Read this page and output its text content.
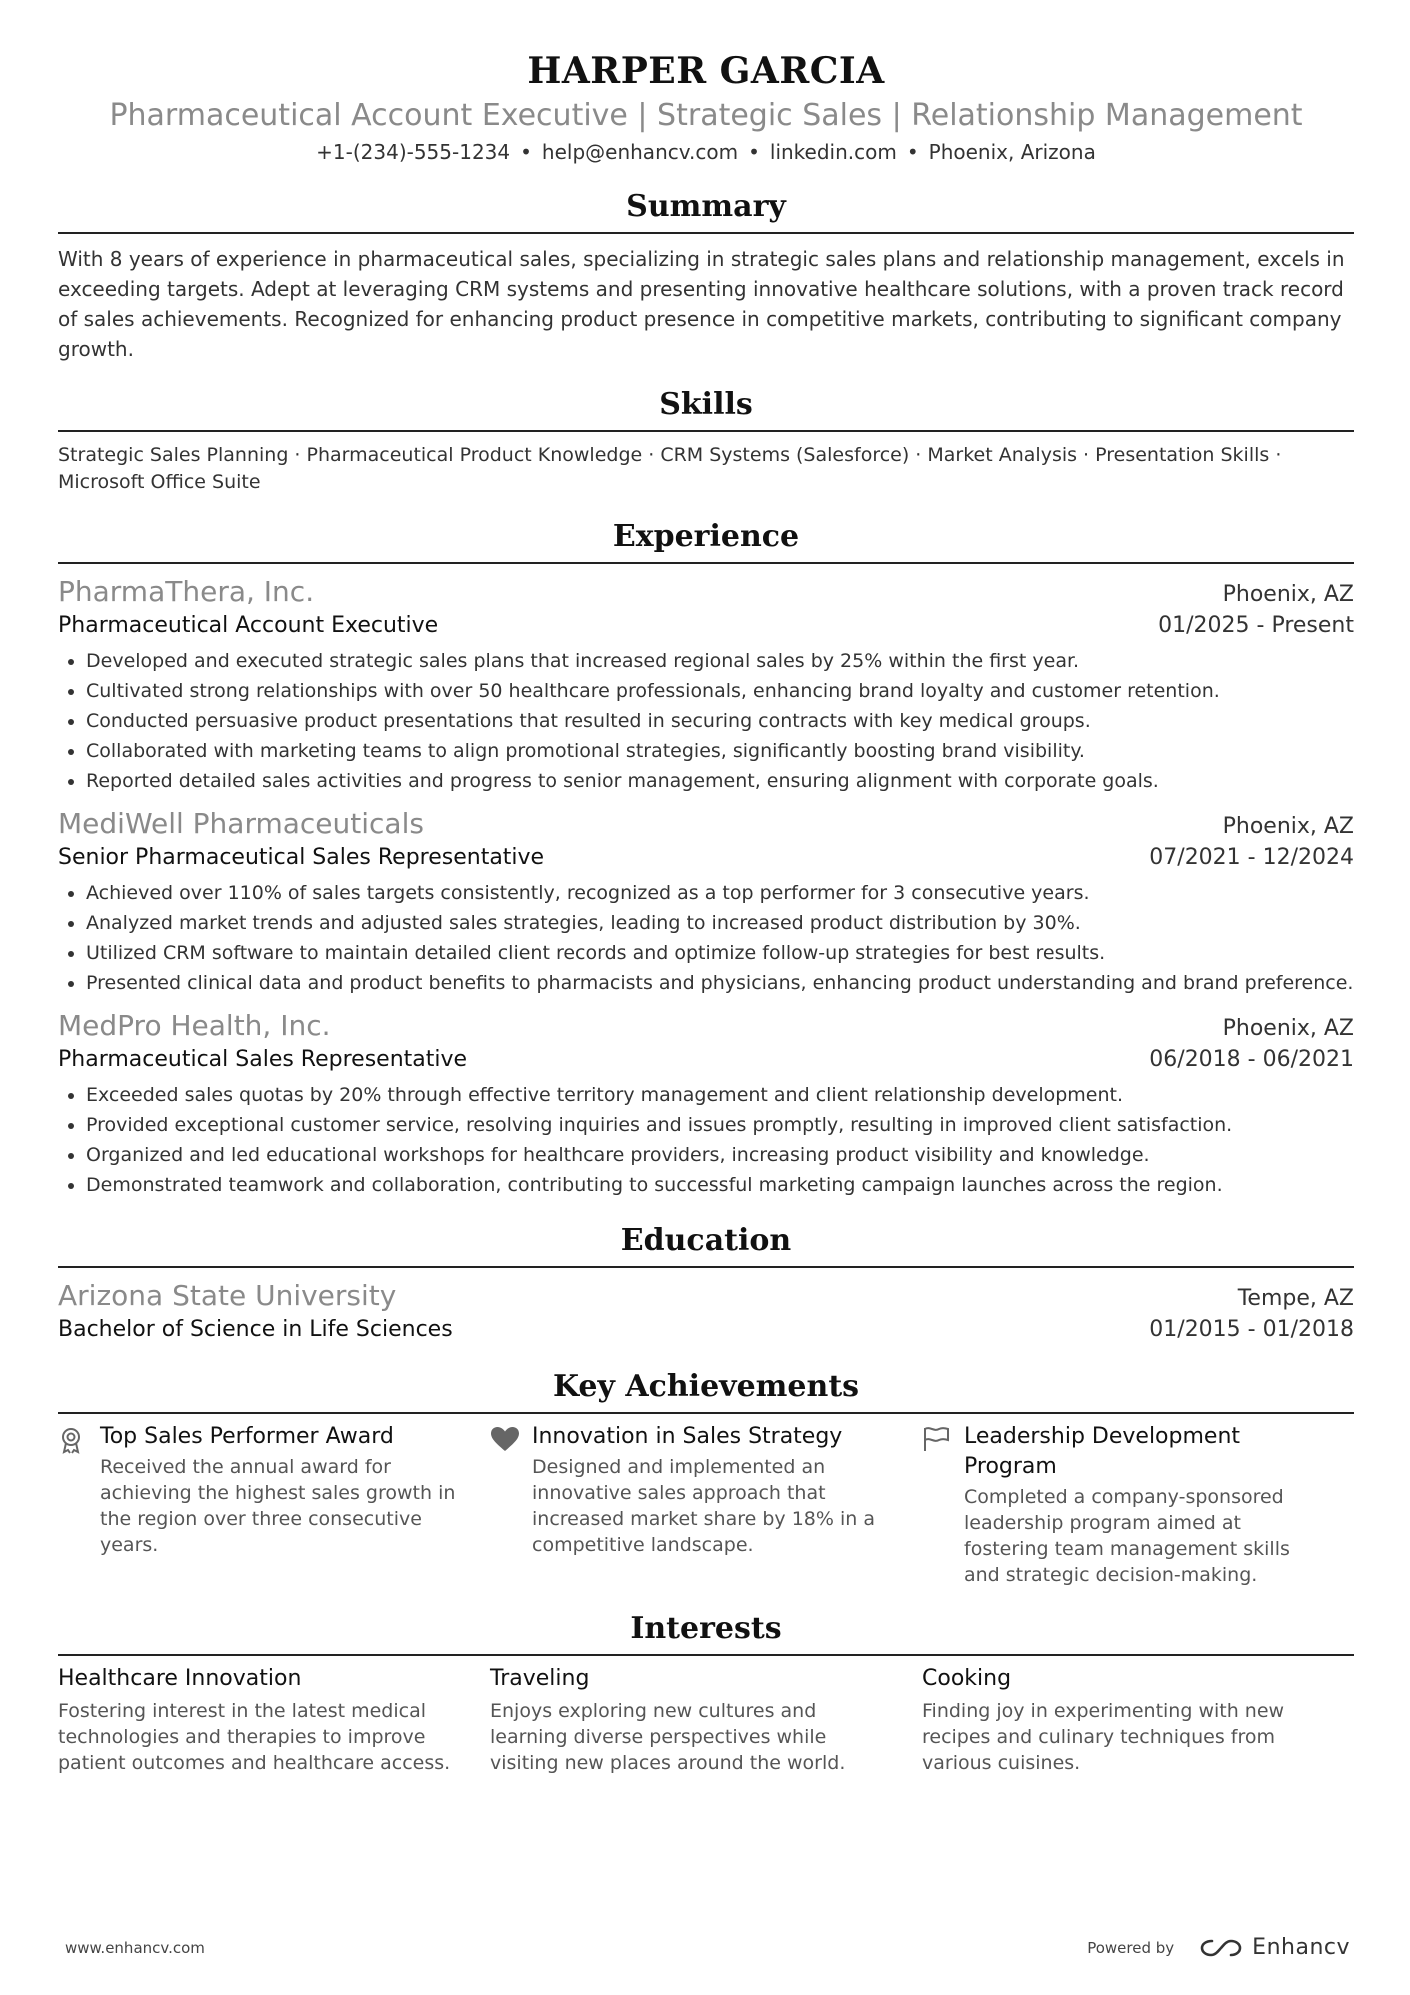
HARPER GARCIA
Pharmaceutical Account Executive | Strategic Sales | Relationship Management
+1-(234)-555-1234 • help@enhancv.com • linkedin.com • Phoenix, Arizona
Summary
With 8 years of experience in pharmaceutical sales, specializing in strategic sales plans and relationship management, excels in exceeding targets. Adept at leveraging CRM systems and presenting innovative healthcare solutions, with a proven track record of sales achievements. Recognized for enhancing product presence in competitive markets, contributing to significant company growth.
Skills
Strategic Sales Planning · Pharmaceutical Product Knowledge · CRM Systems (Salesforce) · Market Analysis · Presentation Skills · Microsoft Office Suite
Experience
PharmaThera, Inc.	Phoenix, AZ
Pharmaceutical Account Executive	01/2025 - Present
• Developed and executed strategic sales plans that increased regional sales by 25% within the first year.
• Cultivated strong relationships with over 50 healthcare professionals, enhancing brand loyalty and customer retention.
• Conducted persuasive product presentations that resulted in securing contracts with key medical groups.
• Collaborated with marketing teams to align promotional strategies, significantly boosting brand visibility.
• Reported detailed sales activities and progress to senior management, ensuring alignment with corporate goals.
MediWell Pharmaceuticals	Phoenix, AZ
Senior Pharmaceutical Sales Representative	07/2021 - 12/2024
• Achieved over 110% of sales targets consistently, recognized as a top performer for 3 consecutive years.
• Analyzed market trends and adjusted sales strategies, leading to increased product distribution by 30%.
• Utilized CRM software to maintain detailed client records and optimize follow-up strategies for best results.
• Presented clinical data and product benefits to pharmacists and physicians, enhancing product understanding and brand preference.
MedPro Health, Inc.	Phoenix, AZ
Pharmaceutical Sales Representative	06/2018 - 06/2021
• Exceeded sales quotas by 20% through effective territory management and client relationship development.
• Provided exceptional customer service, resolving inquiries and issues promptly, resulting in improved client satisfaction.
• Organized and led educational workshops for healthcare providers, increasing product visibility and knowledge.
• Demonstrated teamwork and collaboration, contributing to successful marketing campaign launches across the region.
Education
Arizona State University	Tempe, AZ
Bachelor of Science in Life Sciences	01/2015 - 01/2018
Key Achievements
Top Sales Performer Award
Received the annual award for achieving the highest sales growth in the region over three consecutive years.
Innovation in Sales Strategy
Designed and implemented an innovative sales approach that increased market share by 18% in a competitive landscape.
Leadership Development Program
Completed a company-sponsored leadership program aimed at fostering team management skills and strategic decision-making.
Interests
Healthcare Innovation
Fostering interest in the latest medical technologies and therapies to improve patient outcomes and healthcare access.
Traveling
Enjoys exploring new cultures and learning diverse perspectives while visiting new places around the world.
Cooking
Finding joy in experimenting with new recipes and culinary techniques from various cuisines.
www.enhancv.com	Powered by	Enhancv
